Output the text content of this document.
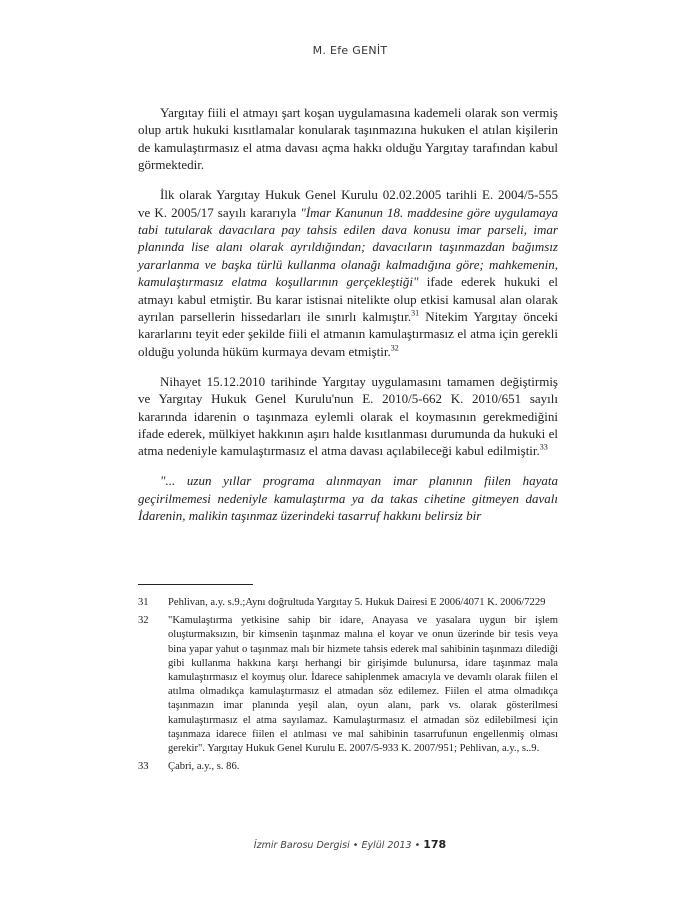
M. Efe GENİT

Yargıtay fiili el atmayı şart koşan uygulamasına kademeli olarak son vermiş olup artık hukuki kısıtlamalar konularak taşınmazına hukuken el atılan kişilerin de kamulaştırmasız el atma davası açma hakkı olduğu Yargıtay tarafından kabul görmektedir.

İlk olarak Yargıtay Hukuk Genel Kurulu 02.02.2005 tarihli E. 2004/5-555 ve K. 2005/17 sayılı kararıyla "İmar Kanunun 18. maddesine göre uygulamaya tabi tutularak davacılara pay tahsis edilen dava konusu imar parseli, imar planında lise alanı olarak ayrıldığından; davacıların taşınmazdan bağımsız yararlanma ve başka türlü kullanma olanağı kalmadığına göre; mahkemenin, kamulaştırmasız elatma koşullarının gerçekleştiği" ifade ederek hukuki el atmayı kabul etmiştir. Bu karar istisnai nitelikte olup etkisi kamusal alan olarak ayrılan parsellerin hissedarları ile sınırlı kalmıştır.$^{31}$ Nitekim Yargıtay önceki kararlarını teyit eder şekilde fiili el atmanın kamulaştırmasız el atma için gerekli olduğu yolunda hüküm kurmaya devam etmiştir.$^{32}$

Nihayet 15.12.2010 tarihinde Yargıtay uygulamasını tamamen değiştirmiş ve Yargıtay Hukuk Genel Kurulu'nun E. 2010/5-662 K. 2010/651 sayılı kararında idarenin o taşınmaza eylemli olarak el koymasının gerekmediğini ifade ederek, mülkiyet hakkının aşırı halde kısıtlanması durumunda da hukuki el atma nedeniyle kamulaştırmasız el atma davası açılabileceği kabul edilmiştir.$^{33}$

"... uzun yıllar programa alınmayan imar planının fiilen hayata geçirilmemesi nedeniyle kamulaştırma ya da takas cihetine gitmeyen davalı İdarenin, malikin taşınmaz üzerindeki tasarruf hakkını belirsiz bir

31	Pehlivan, a.y. s.9.;Aynı doğrultuda Yargıtay 5. Hukuk Dairesi E 2006/4071 K. 2006/7229
32	"Kamulaştırma yetkisine sahip bir idare, Anayasa ve yasalara uygun bir işlem oluşturmaksızın, bir kimsenin taşınmaz malına el koyar ve onun üzerinde bir tesis veya bina yapar yahut o taşınmaz malı bir hizmete tahsis ederek mal sahibinin taşınmazı dilediği gibi kullanma hakkına karşı herhangi bir girişimde bulunursa, idare taşınmaz mala kamulaştırmasız el koymuş olur. İdarece sahiplenmek amacıyla ve devamlı olarak fiilen el atılma olmadıkça kamulaştırmasız el atmadan söz edilemez. Fiilen el atma olmadıkça taşınmazın imar planında yeşil alan, oyun alanı, park vs. olarak gösterilmesi kamulaştırmasız el atma sayılamaz. Kamulaştırmasız el atmadan söz edilebilmesi için taşınmaza idarece fiilen el atılması ve mal sahibinin tasarrufunun engellenmiş olması gerekir". Yargıtay Hukuk Genel Kurulu E. 2007/5-933 K. 2007/951; Pehlivan, a.y., s..9.
33	Çabri, a.y., s. 86.
İzmir Barosu Dergisi • Eylül 2013 • 178
